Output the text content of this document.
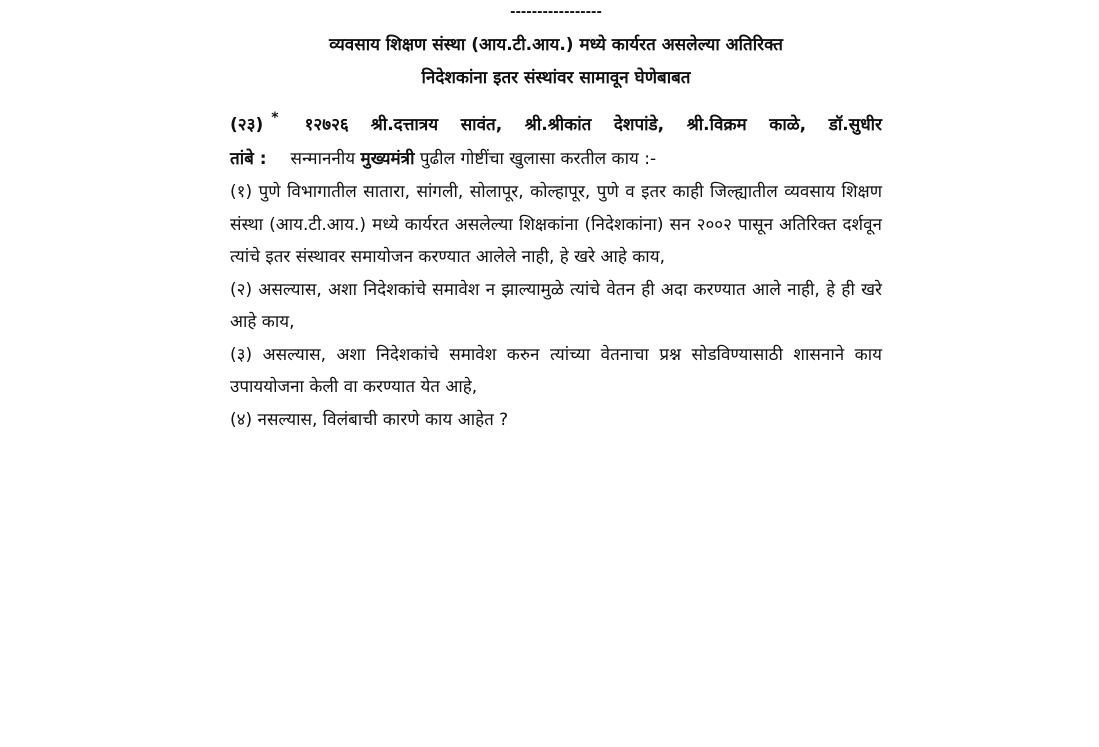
-----------------
व्यवसाय शिक्षण संस्था (आय.टी.आय.) मध्ये कार्यरत असलेल्या अतिरिक्त
निदेशकांना इतर संस्थांवर सामावून घेणेबाबत
(२३) * १२७२६ श्री.दत्तात्रय सावंत, श्री.श्रीकांत देशपांडे, श्री.विक्रम काळे, डॉ.सुधीर
तांबे : सन्माननीय मुख्यमंत्री पुढील गोष्टींचा खुलासा करतील काय :-
(१) पुणे विभागातील सातारा, सांगली, सोलापूर, कोल्हापूर, पुणे व इतर काही जिल्ह्यातील व्यवसाय शिक्षण संस्था (आय.टी.आय.) मध्ये कार्यरत असलेल्या शिक्षकांना (निदेशकांना) सन २००२ पासून अतिरिक्त दर्शवून त्यांचे इतर संस्थावर समायोजन करण्यात आलेले नाही, हे खरे आहे काय,
(२) असल्यास, अशा निदेशकांचे समावेश न झाल्यामुळे त्यांचे वेतन ही अदा करण्यात आले नाही, हे ही खरे आहे काय,
(३) असल्यास, अशा निदेशकांचे समावेश करुन त्यांच्या वेतनाचा प्रश्न सोडविण्यासाठी शासनाने काय उपाययोजना केली वा करण्यात येत आहे,
(४) नसल्यास, विलंबाची कारणे काय आहेत ?
